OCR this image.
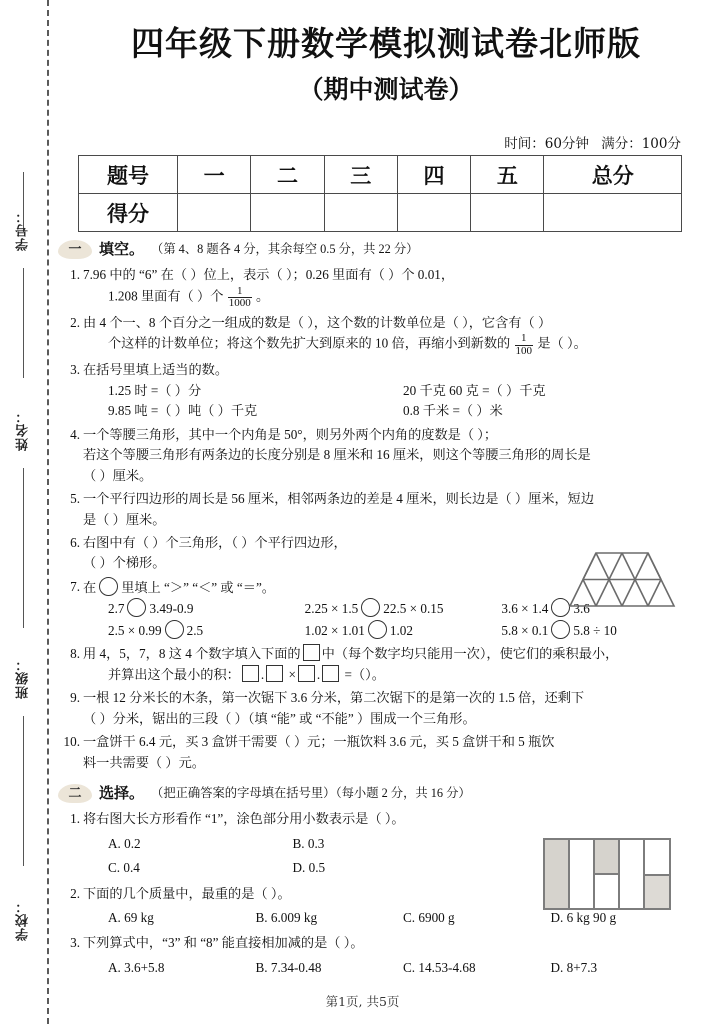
学号：
姓名：
班级：
学校：
四年级下册数学模拟测试卷北师版
（期中测试卷）
时间：60分钟 满分：100分
题号	一	二	三	四	五	总分
得分						
一 填空。 （第 4、8 题各 4 分，其余每空 0.5 分，共 22 分）
1. 7.96 中的 “6” 在（ ）位上，表示（ ）；0.26 里面有（ ）个 0.01，
1.208 里面有（ ）个 $\frac{1}{1000}$ 。
2. 由 4 个一、8 个百分之一组成的数是（ ），这个数的计数单位是（ ），它含有（ ）
个这样的计数单位；将这个数先扩大到原来的 10 倍，再缩小到新数的 $\frac{1}{100}$ 是（ ）。
3. 在括号里填上适当的数。
1.25 时 =（ ）分	20 千克 60 克 =（ ）千克
9.85 吨 =（ ）吨（ ）千克	0.8 千米 =（ ）米
4. 一个等腰三角形，其中一个内角是 50°，则另外两个内角的度数是（ ）；
若这个等腰三角形有两条边的长度分别是 8 厘米和 16 厘米，则这个等腰三角形的周长是
（ ）厘米。
5. 一个平行四边形的周长是 56 厘米，相邻两条边的差是 4 厘米，则长边是（ ）厘米，短边
是（ ）厘米。
6. 右图中有（ ）个三角形，（ ）个平行四边形，
（ ）个梯形。
7. 在 里填上 “＞” “＜” 或 “＝”。
2.7 3.49-0.9	2.25 × 1.5 22.5 × 0.15	3.6 × 1.4 3.6
2.5 × 0.99 2.5	1.02 × 1.01 1.02	5.8 × 0.1 5.8 ÷ 10
8. 用 4，5，7，8 这 4 个数字填入下面的 中（每个数字均只能用一次），使它们的乘积最小，
并算出这个最小的积： . × . =（）。
9. 一根 12 分米长的木条，第一次锯下 3.6 分米，第二次锯下的是第一次的 1.5 倍，还剩下
（ ）分米，锯出的三段（ ）（填 “能” 或 “不能” ）围成一个三角形。
10. 一盒饼干 6.4 元，买 3 盒饼干需要（ ）元；一瓶饮料 3.6 元，买 5 盒饼干和 5 瓶饮
料一共需要（ ）元。
二 选择。 （把正确答案的字母填在括号里）（每小题 2 分，共 16 分）
1. 将右图大长方形看作 “1”，涂色部分用小数表示是（ ）。
A. 0.2	B. 0.3
C. 0.4	D. 0.5
2. 下面的几个质量中，最重的是（ ）。
A. 69 kg	B. 6.009 kg	C. 6900 g	D. 6 kg 90 g
3. 下列算式中，“3” 和 “8” 能直接相加减的是（ ）。
A. 3.6+5.8	B. 7.34-0.48	C. 14.53-4.68	D. 8+7.3
第1页, 共5页
